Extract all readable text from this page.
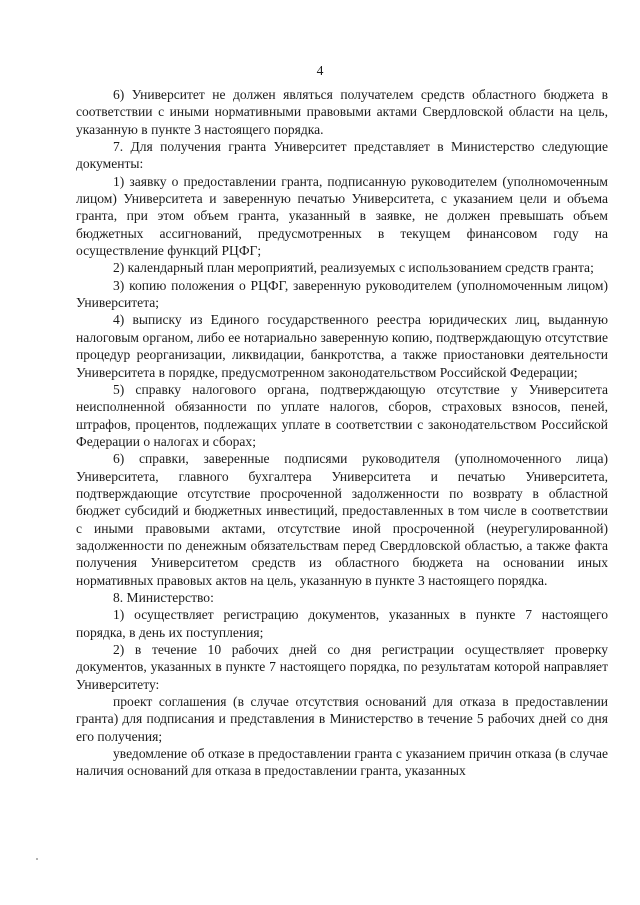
4

6) Университет не должен являться получателем средств областного бюджета в соответствии с иными нормативными правовыми актами Свердловской области на цель, указанную в пункте 3 настоящего порядка.

7. Для получения гранта Университет представляет в Министерство следующие документы:

1) заявку о предоставлении гранта, подписанную руководителем (уполномоченным лицом) Университета и заверенную печатью Университета, с указанием цели и объема гранта, при этом объем гранта, указанный в заявке, не должен превышать объем бюджетных ассигнований, предусмотренных в текущем финансовом году на осуществление функций РЦФГ;

2) календарный план мероприятий, реализуемых с использованием средств гранта;

3) копию положения о РЦФГ, заверенную руководителем (уполномоченным лицом) Университета;

4) выписку из Единого государственного реестра юридических лиц, выданную налоговым органом, либо ее нотариально заверенную копию, подтверждающую отсутствие процедур реорганизации, ликвидации, банкротства, а также приостановки деятельности Университета в порядке, предусмотренном законодательством Российской Федерации;

5) справку налогового органа, подтверждающую отсутствие у Университета неисполненной обязанности по уплате налогов, сборов, страховых взносов, пеней, штрафов, процентов, подлежащих уплате в соответствии с законодательством Российской Федерации о налогах и сборах;

6) справки, заверенные подписями руководителя (уполномоченного лица) Университета, главного бухгалтера Университета и печатью Университета, подтверждающие отсутствие просроченной задолженности по возврату в областной бюджет субсидий и бюджетных инвестиций, предоставленных в том числе в соответствии с иными правовыми актами, отсутствие иной просроченной (неурегулированной) задолженности по денежным обязательствам перед Свердловской областью, а также факта получения Университетом средств из областного бюджета на основании иных нормативных правовых актов на цель, указанную в пункте 3 настоящего порядка.

8. Министерство:

1) осуществляет регистрацию документов, указанных в пункте 7 настоящего порядка, в день их поступления;

2) в течение 10 рабочих дней со дня регистрации осуществляет проверку документов, указанных в пункте 7 настоящего порядка, по результатам которой направляет Университету:

проект соглашения (в случае отсутствия оснований для отказа в предоставлении гранта) для подписания и представления в Министерство в течение 5 рабочих дней со дня его получения;

уведомление об отказе в предоставлении гранта с указанием причин отказа (в случае наличия оснований для отказа в предоставлении гранта, указанных
